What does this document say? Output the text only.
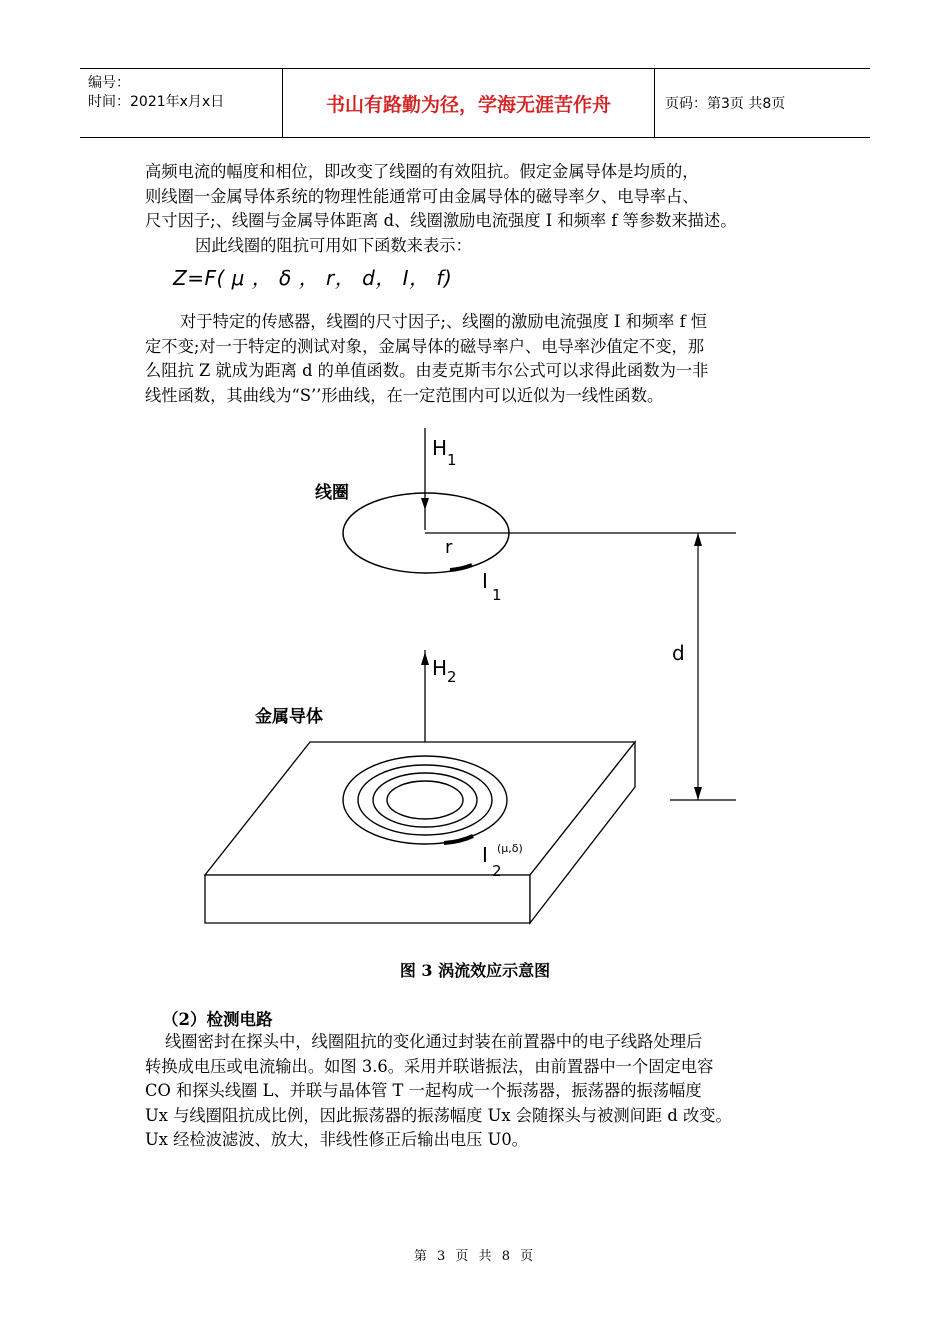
编号：
时间：2021年x月x日	书山有路勤为径，学海无涯苦作舟	页码：第3页 共8页

高频电流的幅度和相位，即改变了线圈的有效阻抗。假定金属导体是均质的，

则线圈一金属导体系统的物理性能通常可由金属导体的磁导率夕、电导率占、

尺寸因子;、线圈与金属导体距离 d、线圈激励电流强度 I 和频率 f 等参数来描述。

因此线圈的阻抗可用如下函数来表示：

Z=F( μ ， δ ， r， d， I， f)

对于特定的传感器，线圈的尺寸因子;、线圈的激励电流强度 I 和频率 f 恒

定不变;对一于特定的测试对象，金属导体的磁导率户、电导率沙值定不变，那

么阻抗 Z 就成为距离 d 的单值函数。由麦克斯韦尔公式可以求得此函数为一非

线性函数，其曲线为“S’’形曲线，在一定范围内可以近似为一线性函数。

H 1
线圈
r
I
1
d
H 2
金属导体
I
2
(μ,δ)
图 3 涡流效应示意图
（2）检测电路

线圈密封在探头中，线圈阻抗的变化通过封装在前置器中的电子线路处理后

转换成电压或电流输出。如图 3.6。采用并联谐振法，由前置器中一个固定电容

CO 和探头线圈 L、并联与晶体管 T 一起构成一个振荡器，振荡器的振荡幅度

Ux 与线圈阻抗成比例，因此振荡器的振荡幅度 Ux 会随探头与被测间距 d 改变。

Ux 经检波滤波、放大，非线性修正后输出电压 U0。

第 3 页 共 8 页
